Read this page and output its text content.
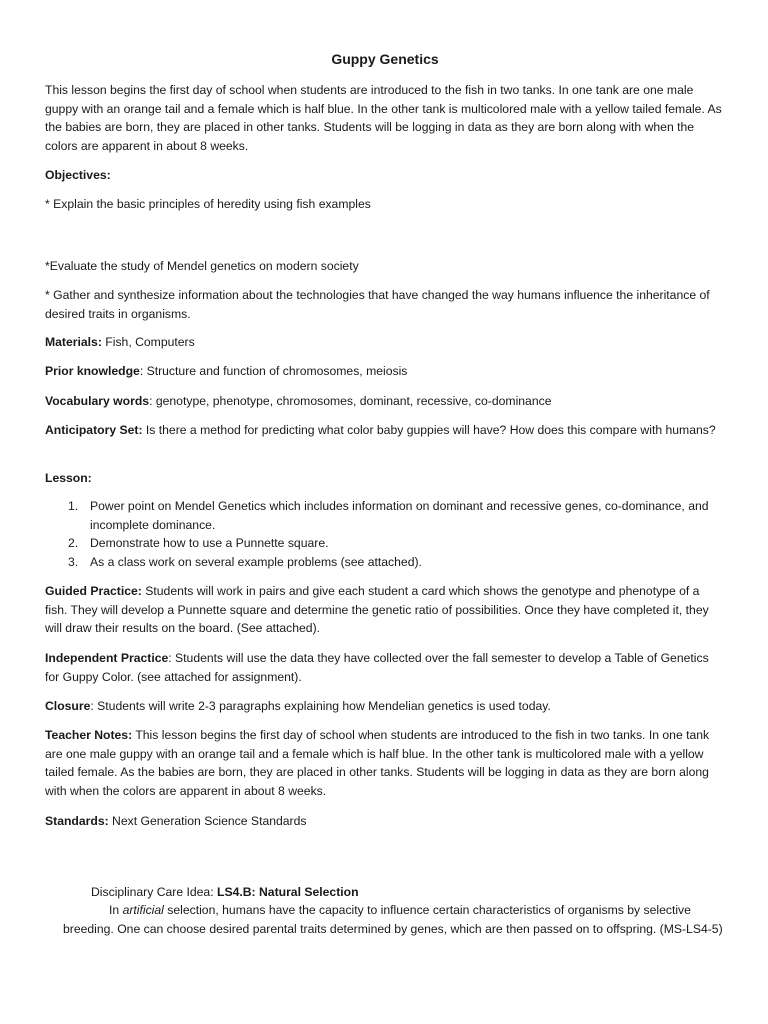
Guppy Genetics

This lesson begins the first day of school when students are introduced to the fish in two tanks. In one tank are one male guppy with an orange tail and a female which is half blue. In the other tank is multicolored male with a yellow tailed female. As the babies are born, they are placed in other tanks. Students will be logging in data as they are born along with when the colors are apparent in about 8 weeks.

Objectives:

* Explain the basic principles of heredity using fish examples

*Evaluate the study of Mendel genetics on modern society

* Gather and synthesize information about the technologies that have changed the way humans influence the inheritance of desired traits in organisms.

Materials: Fish, Computers

Prior knowledge: Structure and function of chromosomes, meiosis

Vocabulary words: genotype, phenotype, chromosomes, dominant, recessive, co-dominance

Anticipatory Set: Is there a method for predicting what color baby guppies will have? How does this compare with humans?

Lesson:

1. Power point on Mendel Genetics which includes information on dominant and recessive genes, co-dominance, and incomplete dominance.
2. Demonstrate how to use a Punnette square.
3. As a class work on several example problems (see attached).

Guided Practice: Students will work in pairs and give each student a card which shows the genotype and phenotype of a fish. They will develop a Punnette square and determine the genetic ratio of possibilities. Once they have completed it, they will draw their results on the board. (See attached).

Independent Practice: Students will use the data they have collected over the fall semester to develop a Table of Genetics for Guppy Color. (see attached for assignment).

Closure: Students will write 2-3 paragraphs explaining how Mendelian genetics is used today.

Teacher Notes: This lesson begins the first day of school when students are introduced to the fish in two tanks. In one tank are one male guppy with an orange tail and a female which is half blue. In the other tank is multicolored male with a yellow tailed female. As the babies are born, they are placed in other tanks. Students will be logging in data as they are born along with when the colors are apparent in about 8 weeks.

Standards: Next Generation Science Standards

Disciplinary Care Idea: LS4.B: Natural Selection

In artificial selection, humans have the capacity to influence certain characteristics of organisms by selective
breeding. One can choose desired parental traits determined by genes, which are then passed on to offspring. (MS-LS4-5)
